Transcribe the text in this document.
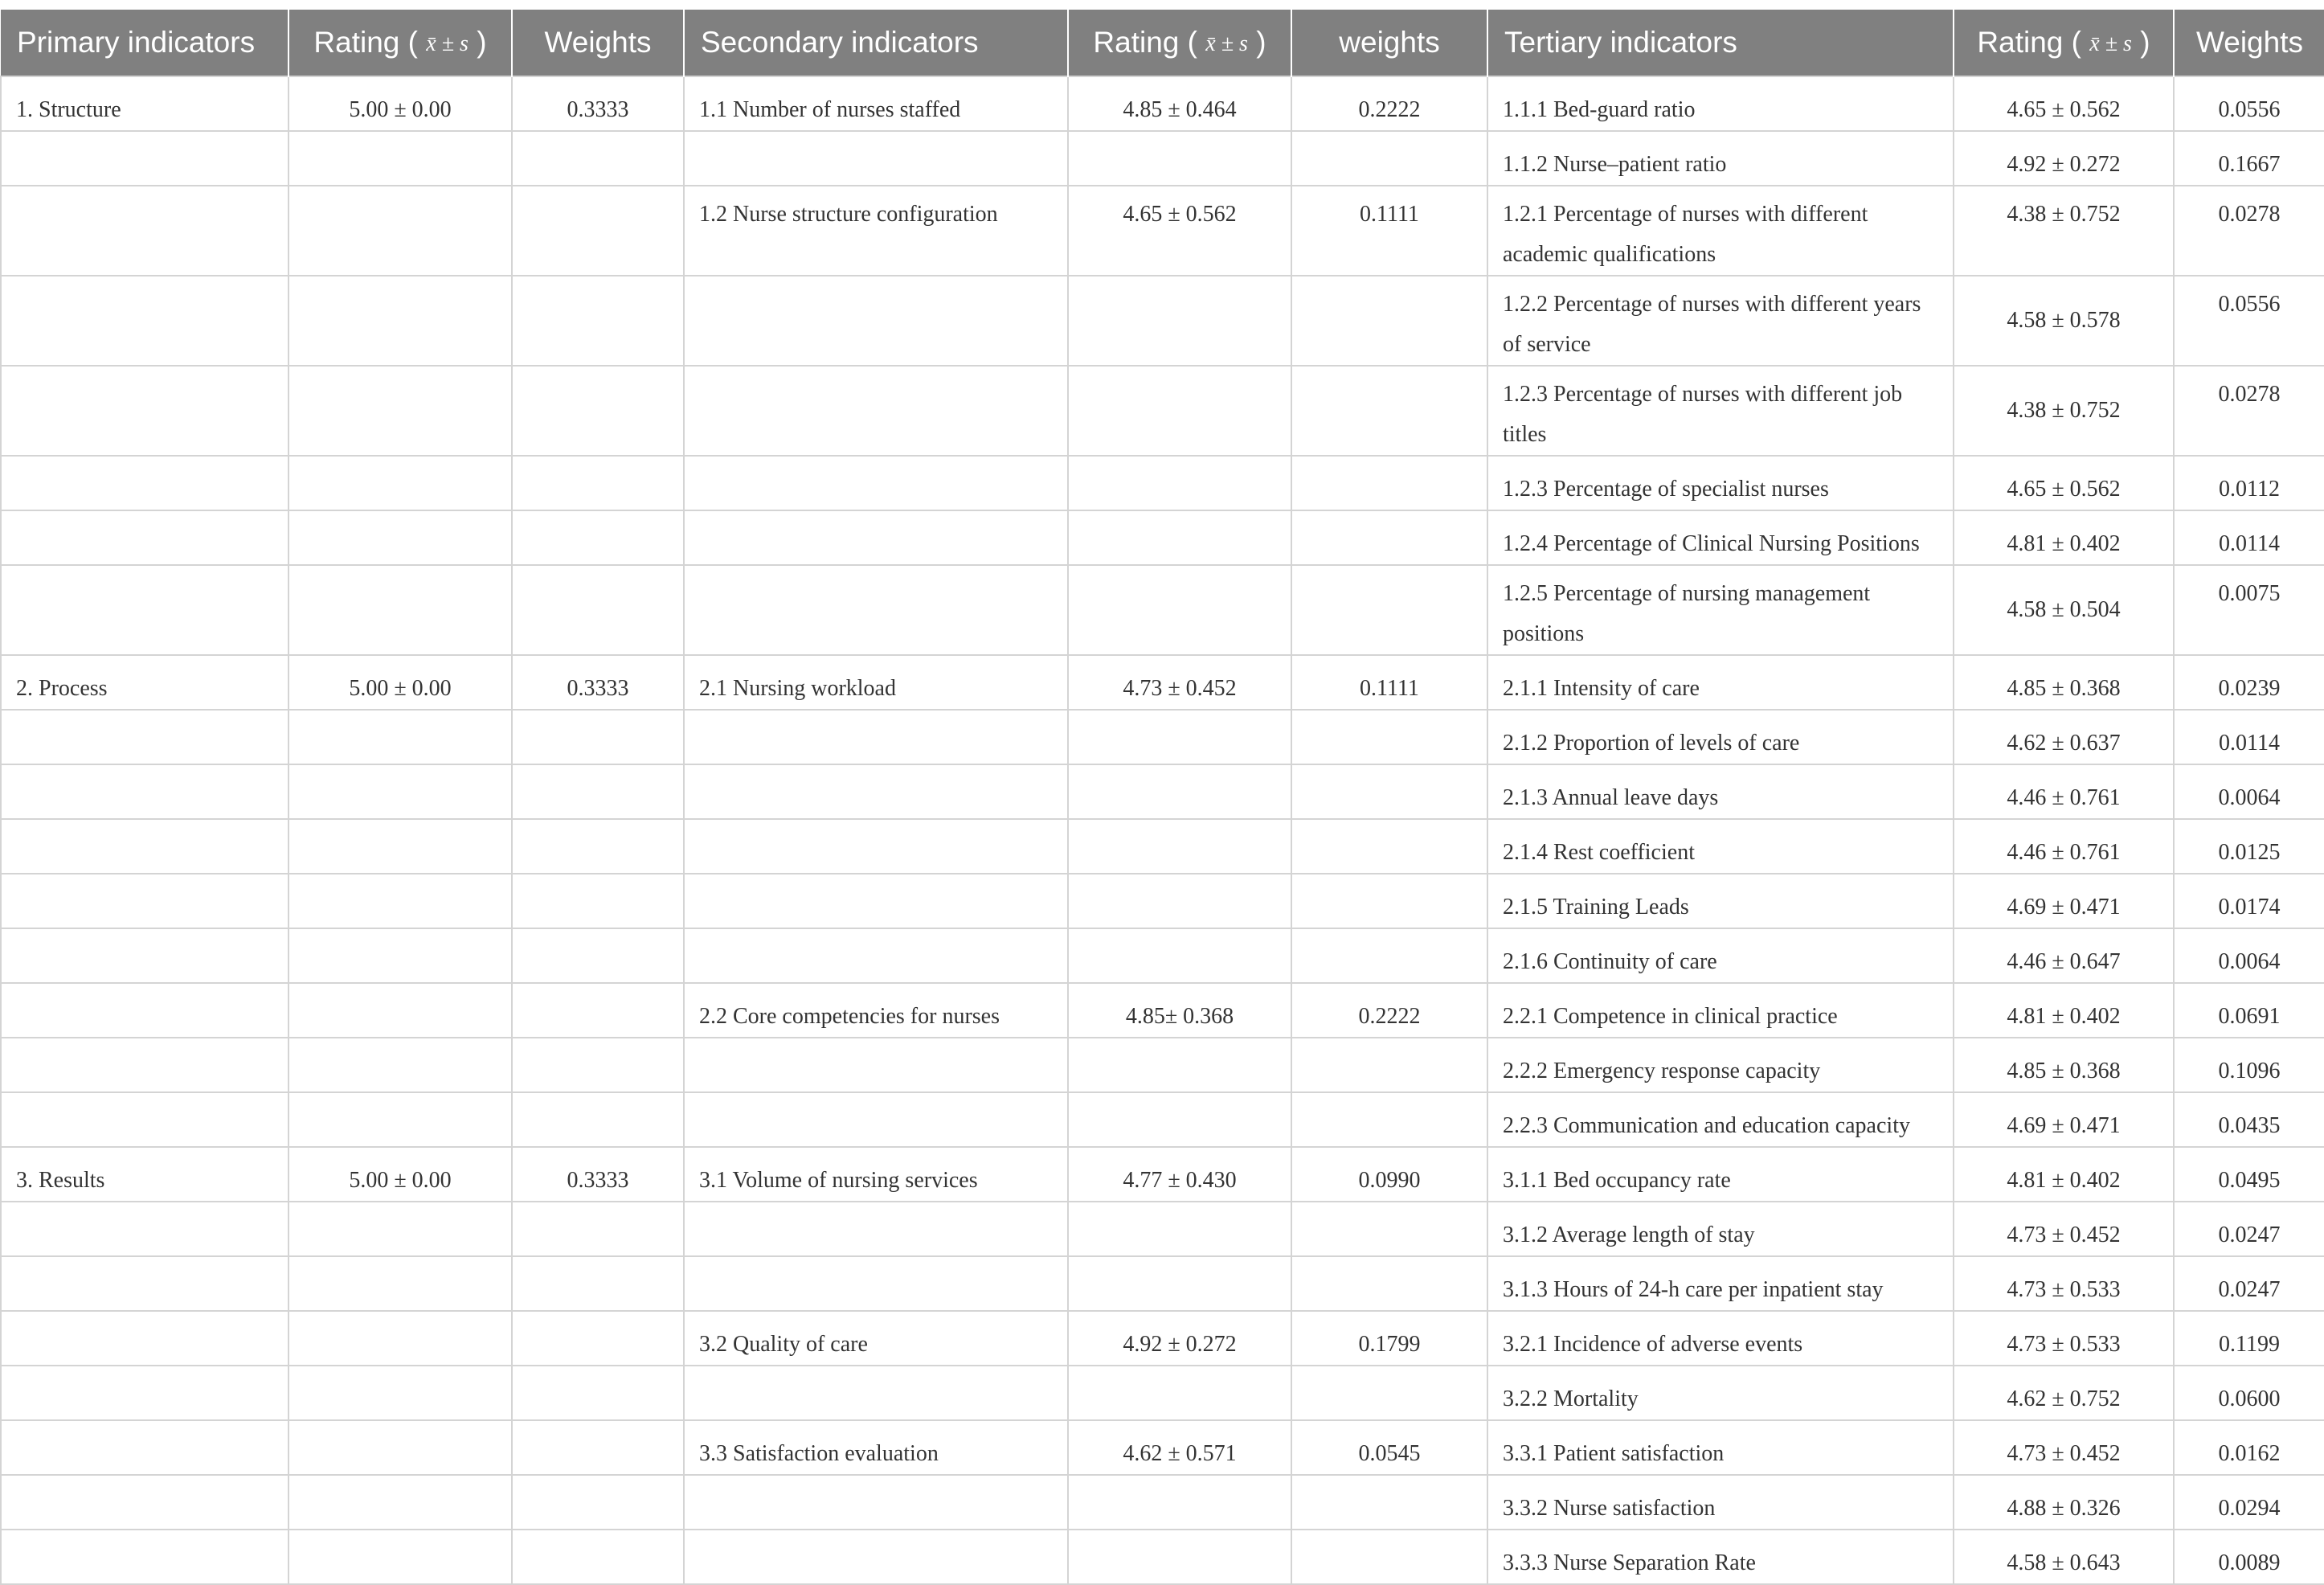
Primary indicators	Rating ( x̄ ± s )	Weights	Secondary indicators	Rating ( x̄ ± s )	weights	Tertiary indicators	Rating ( x̄ ± s )	Weights
1. Structure	5.00 ± 0.00	0.3333	1.1 Number of nurses staffed	4.85 ± 0.464	0.2222	1.1.1 Bed-guard ratio	4.65 ± 0.562	0.0556
						1.1.2 Nurse–patient ratio	4.92 ± 0.272	0.1667
			1.2 Nurse structure configuration	4.65 ± 0.562	0.1111	1.2.1 Percentage of nurses with different academic qualifications	4.38 ± 0.752	0.0278
						1.2.2 Percentage of nurses with different years of service	4.58 ± 0.578	0.0556
						1.2.3 Percentage of nurses with different job titles	4.38 ± 0.752	0.0278
						1.2.3 Percentage of specialist nurses	4.65 ± 0.562	0.0112
						1.2.4 Percentage of Clinical Nursing Positions	4.81 ± 0.402	0.0114
						1.2.5 Percentage of nursing management positions	4.58 ± 0.504	0.0075
2. Process	5.00 ± 0.00	0.3333	2.1 Nursing workload	4.73 ± 0.452	0.1111	2.1.1 Intensity of care	4.85 ± 0.368	0.0239
						2.1.2 Proportion of levels of care	4.62 ± 0.637	0.0114
						2.1.3 Annual leave days	4.46 ± 0.761	0.0064
						2.1.4 Rest coefficient	4.46 ± 0.761	0.0125
						2.1.5 Training Leads	4.69 ± 0.471	0.0174
						2.1.6 Continuity of care	4.46 ± 0.647	0.0064
			2.2 Core competencies for nurses	4.85± 0.368	0.2222	2.2.1 Competence in clinical practice	4.81 ± 0.402	0.0691
						2.2.2 Emergency response capacity	4.85 ± 0.368	0.1096
						2.2.3 Communication and education capacity	4.69 ± 0.471	0.0435
3. Results	5.00 ± 0.00	0.3333	3.1 Volume of nursing services	4.77 ± 0.430	0.0990	3.1.1 Bed occupancy rate	4.81 ± 0.402	0.0495
						3.1.2 Average length of stay	4.73 ± 0.452	0.0247
						3.1.3 Hours of 24-h care per inpatient stay	4.73 ± 0.533	0.0247
			3.2 Quality of care	4.92 ± 0.272	0.1799	3.2.1 Incidence of adverse events	4.73 ± 0.533	0.1199
						3.2.2 Mortality	4.62 ± 0.752	0.0600
			3.3 Satisfaction evaluation	4.62 ± 0.571	0.0545	3.3.1 Patient satisfaction	4.73 ± 0.452	0.0162
						3.3.2 Nurse satisfaction	4.88 ± 0.326	0.0294
						3.3.3 Nurse Separation Rate	4.58 ± 0.643	0.0089
